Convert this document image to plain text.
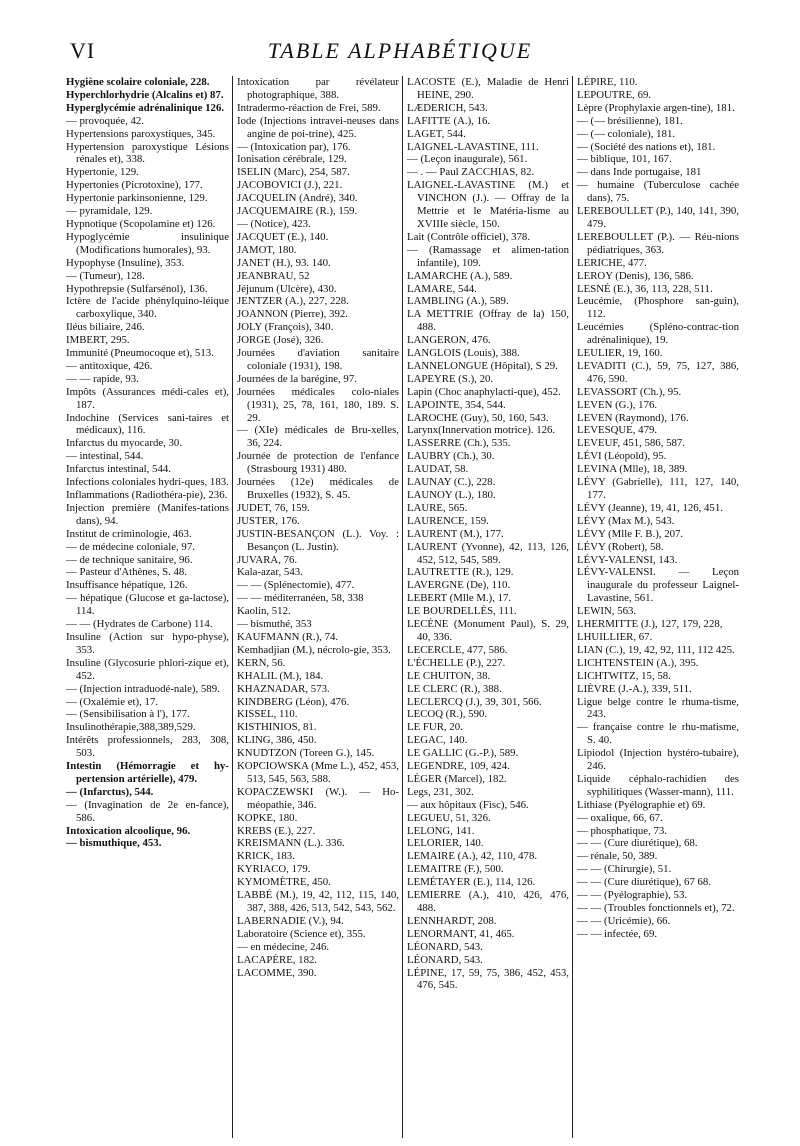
VI	TABLE ALPHABÉTIQUE
Hygiène scolaire coloniale, 228.
Hyperchlorhydrie (Alcalins et) 87.
Hyperglycémie adrénalinique 126.
— provoquée, 42.
Hypertensions paroxystiques, 345.
Hypertension paroxystique Lésions rénales et), 338.
Hypertonie, 129.
Hypertonies (Picrotoxine), 177.
Hypertonie parkinsonienne, 129.
— pyramidale, 129.
Hypnotique (Scopolamine et) 126.
Hypoglycémie insulinique (Modifications humorales), 93.
Hypophyse (Insuline), 353.
— (Tumeur), 128.
Hypothrepsie (Sulfarsénol), 136.
Ictère de l'acide phénylquino-léique carboxylique, 340.
Iléus biliaire, 246.
IMBERT, 295.
Immunité (Pneumocoque et), 513.
— antitoxique, 426.
— — rapide, 93.
Impôts (Assurances médi-cales et), 187.
Indochine (Services sani-taires et médicaux), 116.
Infarctus du myocarde, 30.
— intestinal, 544.
Infarctus intestinal, 544.
Infections coloniales hydri-ques, 183.
Inflammations (Radiothéra-pie), 236.
Injection première (Manifes-tations dans), 94.
Institut de criminologie, 463.
— de médecine coloniale, 97.
— de technique sanitaire, 96.
— Pasteur d'Athènes, S. 48.
Insuffisance hépatique, 126.
— hépatique (Glucose et ga-lactose), 114.
— — (Hydrates de Carbone) 114.
Insuline (Action sur hypo-physe), 353.
Insuline (Glycosurie phlori-zique et), 452.
— (Injection intraduodé-nale), 589.
— (Oxalémie et), 17.
— (Sensibilisation à l'), 177.
Insulinothérapie,388,389,529.
Intérêts professionnels, 283, 308, 503.
Intestin (Hémorragie et hy-pertension artérielle), 479.
— (Infarctus), 544.
— (Invagination de 2e en-fance), 586.
Intoxication alcoolique, 96.
— bismuthique, 453.
Intoxication par révélateur photographique, 388.
Intradermo-réaction de Frei, 589.
Iode (Injections intravei-neuses dans angine de poi-trine), 425.
— (Intoxication par), 176.
Ionisation cérébrale, 129.
ISELIN (Marc), 254, 587.
JACOBOVICI (J.), 221.
JACQUELIN (André), 340.
JACQUEMAIRE (R.), 159.
— (Notice), 423.
JACQUET (E.), 140.
JAMOT, 180.
JANET (H.), 93. 140.
JEANBRAU, 52
Jéjunum (Ulcère), 430.
JENTZER (A.), 227, 228.
JOANNON (Pierre), 392.
JOLY (François), 340.
JORGE (José), 326.
Journées d'aviation sanitaire coloniale (1931), 198.
Journées de la barégine, 97.
Journées médicales colo-niales (1931), 25, 78, 161, 180, 189. S. 29.
— (XIe) médicales de Bru-xelles, 36, 224.
Journée de protection de l'enfance (Strasbourg 1931) 480.
Journées (12e) médicales de Bruxelles (1932), S. 45.
JUDET, 76, 159.
JUSTER, 176.
JUSTIN-BESANÇON (L.). Voy. : Besançon (L. Justin).
JUVARA, 76.
Kala-azar, 543.
— — (Splénectomie), 477.
— — méditerranéen, 58, 338
Kaolin, 512.
— bismuthé, 353
KAUFMANN (R.), 74.
Kemhadjian (M.), nécrolo-gie, 353.
KERN, 56.
KHALIL (M.), 184.
KHAZNADAR, 573.
KINDBERG (Léon), 476.
KISSEL, 110.
KISTHINIOS, 81.
KLING, 386, 450.
KNUDTZON (Toreen G.), 145.
KOPCIOWSKA (Mme L.), 452, 453, 513, 545, 563, 588.
KOPACZEWSKI (W.). — Ho-méopathie, 346.
KOPKE, 180.
KREBS (E.), 227.
KREISMANN (L.). 336.
KRICK, 183.
KYRIACO, 179.
KYMOMÈTRE, 450.
LABBÉ (M.), 19, 42, 112, 115, 140, 387, 388, 426, 513, 542, 543, 562.
LABERNADIE (V.), 94.
Laboratoire (Science et), 355.
— en médecine, 246.
LACAPÈRE, 182.
LACOMME, 390.
LACOSTE (E.), Maladie de Henri HEINE, 290.
LÆDERICH, 543.
LAFITTE (A.), 16.
LAGET, 544.
LAIGNEL-LAVASTINE, 111.
— (Leçon inaugurale), 561.
— . — Paul ZACCHIAS, 82.
LAIGNEL-LAVASTINE (M.) et VINCHON (J.). — Offray de la Mettrie et le Matéria-lisme au XVIIIe siècle, 150.
Lait (Contrôle officiel), 378.
— (Ramassage et alimen-tation infantile), 109.
LAMARCHE (A.), 589.
LAMARE, 544.
LAMBLING (A.), 589.
LA METTRIE (Offray de la) 150, 488.
LANGERON, 476.
LANGLOIS (Louis), 388.
LANNELONGUE (Hôpital), S 29.
LAPEYRE (S.), 20.
Lapin (Choc anaphylacti-que), 452.
LAPOINTE, 354, 544.
LAROCHE (Guy), 50, 160, 543.
Larynx(Innervation motrice). 126.
LASSERRE (Ch.), 535.
LAUBRY (Ch.), 30.
LAUDAT, 58.
LAUNAY (C.), 228.
LAUNOY (L.), 180.
LAURE, 565.
LAURENCE, 159.
LAURENT (M.), 177.
LAURENT (Yvonne), 42, 113, 126, 452, 512, 545, 589.
LAUTRETTE (R.), 129.
LAVERGNE (De), 110.
LEBERT (Mlle M.), 17.
LE BOURDELLÈS, 111.
LECÈNE (Monument Paul), S. 29, 40, 336.
LECERCLE, 477, 586.
L'ÉCHELLE (P.), 227.
LE CHUITON, 38.
LE CLERC (R.), 388.
LECLERCQ (J.), 39, 301, 566.
LECOQ (R.), 590.
LE FUR, 20.
LEGAC, 140.
LE GALLIC (G.-P.), 589.
LEGENDRE, 109, 424.
LÉGER (Marcel), 182.
Legs, 231, 302.
— aux hôpitaux (Fisc), 546.
LEGUEU, 51, 326.
LELONG, 141.
LELORIER, 140.
LEMAIRE (A.), 42, 110, 478.
LEMAITRE (F.), 500.
LEMÉTAYER (E.), 114, 126.
LEMIERRE (A.), 410, 426, 476, 488.
LENNHARDT, 208.
LENORMANT, 41, 465.
LÉONARD, 543.
LÉONARD, 543.
LÉPINE, 17, 59, 75, 386, 452, 453, 476, 545.
LÉPIRE, 110.
LEPOUTRE, 69.
Lèpre (Prophylaxie argen-tine), 181.
— (— brésilienne), 181.
— (— coloniale), 181.
— (Société des nations et), 181.
— biblique, 101, 167.
— dans Inde portugaise, 181
— humaine (Tuberculose cachée dans), 75.
LEREBOULLET (P.), 140, 141, 390, 479.
LEREBOULLET (P.). — Réu-nions pédiatriques, 363.
LERICHE, 477.
LEROY (Denis), 136, 586.
LESNÉ (E.), 36, 113, 228, 511.
Leucémie, (Phosphore san-guin), 112.
Leucémies (Spléno-contrac-tion adrénalinique), 19.
LEULIER, 19, 160.
LEVADITI (C.), 59, 75, 127, 386, 476, 590.
LEVASSORT (Ch.), 95.
LEVEN (G.), 176.
LEVEN (Raymond), 176.
LEVESQUE, 479.
LEVEUF, 451, 586, 587.
LÉVI (Léopold), 95.
LEVINA (Mlle), 18, 389.
LÉVY (Gabrielle), 111, 127, 140, 177.
LÉVY (Jeanne), 19, 41, 126, 451.
LÉVY (Max M.), 543.
LÉVY (Mlle F. B.), 207.
LÉVY (Robert), 58.
LÉVY-VALENSI, 143.
LÉVY-VALENSI. — Leçon inaugurale du professeur Laignel-Lavastine, 561.
LEWIN, 563.
LHERMITTE (J.), 127, 179, 228,
LHUILLIER, 67.
LIAN (C.), 19, 42, 92, 111, 112 425.
LICHTENSTEIN (A.), 395.
LICHTWITZ, 15, 58.
LIÈVRE (J.-A.), 339, 511.
Ligue belge contre le rhuma-tisme, 243.
— française contre le rhu-matisme, S. 40.
Lipiodol (Injection hystéro-tubaire), 246.
Liquide céphalo-rachidien des syphilitiques (Wasser-mann), 111.
Lithiase (Pyélographie et) 69.
— oxalique, 66, 67.
— phosphatique, 73.
— — (Cure diurétique), 68.
— rénale, 50, 389.
— — (Chirurgie), 51.
— — (Cure diurétique), 67 68.
— — (Pyélographie), 53.
— — (Troubles fonctionnels et), 72.
— — (Uricémie), 66.
— — infectée, 69.
